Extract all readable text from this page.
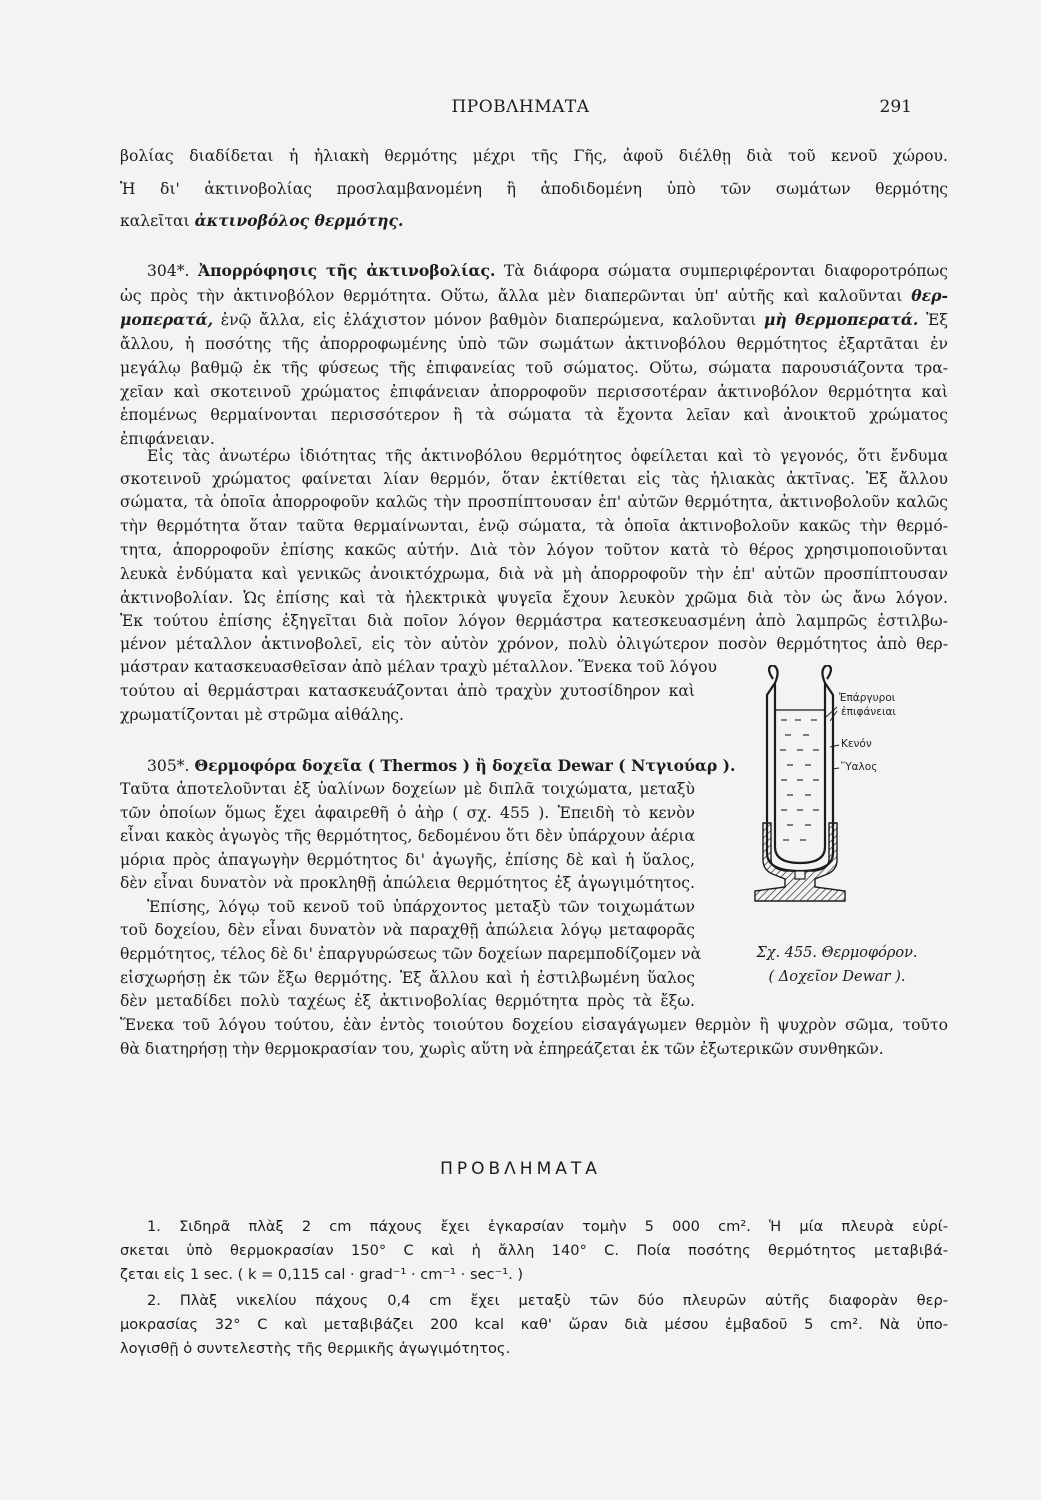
ΠΡΟΒΛΗΜΑΤΑ	291
βολίας διαδίδεται ἡ ἡλιακὴ θερμότης μέχρι τῆς Γῆς, ἀφοῦ διέλθῃ διὰ τοῦ κενοῦ χώρου.
Ἡ δι' ἀκτινοβολίας προσλαμβανομένη ἢ ἀποδιδομένη ὑπὸ τῶν σωμάτων θερμότης
καλεῖται ἀκτινοβόλος θερμότης.
304*. Ἀπορρόφησις τῆς ἀκτινοβολίας. Τὰ διάφορα σώματα συμπεριφέρονται διαφοροτρόπως
ὡς πρὸς τὴν ἀκτινοβόλον θερμότητα. Οὕτω, ἄλλα μὲν διαπερῶνται ὑπ' αὐτῆς καὶ καλοῦνται θερ-
μοπερατά, ἐνῷ ἄλλα, εἰς ἐλάχιστον μόνον βαθμὸν διαπερώμενα, καλοῦνται μὴ θερμοπερατά. Ἐξ
ἄλλου, ἡ ποσότης τῆς ἀπορροφωμένης ὑπὸ τῶν σωμάτων ἀκτινοβόλου θερμότητος ἐξαρτᾶται ἐν
μεγάλῳ βαθμῷ ἐκ τῆς φύσεως τῆς ἐπιφανείας τοῦ σώματος. Οὕτω, σώματα παρουσιάζοντα τρα-
χεῖαν καὶ σκοτεινοῦ χρώματος ἐπιφάνειαν ἀπορροφοῦν περισσοτέραν ἀκτινοβόλον θερμότητα καὶ
ἑπομένως θερμαίνονται περισσότερον ἢ τὰ σώματα τὰ ἔχοντα λεῖαν καὶ ἀνοικτοῦ χρώματος
ἐπιφάνειαν.
Εἰς τὰς ἀνωτέρω ἰδιότητας τῆς ἀκτινοβόλου θερμότητος ὀφείλεται καὶ τὸ γεγονός, ὅτι ἔνδυμα
σκοτεινοῦ χρώματος φαίνεται λίαν θερμόν, ὅταν ἐκτίθεται εἰς τὰς ἡλιακὰς ἀκτῖνας. Ἐξ ἄλλου
σώματα, τὰ ὁποῖα ἀπορροφοῦν καλῶς τὴν προσπίπτουσαν ἐπ' αὐτῶν θερμότητα, ἀκτινοβολοῦν καλῶς
τὴν θερμότητα ὅταν ταῦτα θερμαίνωνται, ἐνῷ σώματα, τὰ ὁποῖα ἀκτινοβολοῦν κακῶς τὴν θερμό-
τητα, ἀπορροφοῦν ἐπίσης κακῶς αὐτήν. Διὰ τὸν λόγον τοῦτον κατὰ τὸ θέρος χρησιμοποιοῦνται
λευκὰ ἐνδύματα καὶ γενικῶς ἀνοικτόχρωμα, διὰ νὰ μὴ ἀπορροφοῦν τὴν ἐπ' αὐτῶν προσπίπτουσαν
ἀκτινοβολίαν. Ὡς ἐπίσης καὶ τὰ ἠλεκτρικὰ ψυγεῖα ἔχουν λευκὸν χρῶμα διὰ τὸν ὡς ἄνω λόγον.
Ἐκ τούτου ἐπίσης ἐξηγεῖται διὰ ποῖον λόγον θερμάστρα κατεσκευασμένη ἀπὸ λαμπρῶς ἐστιλβω-
μένον μέταλλον ἀκτινοβολεῖ, εἰς τὸν αὐτὸν χρόνον, πολὺ ὀλιγώτερον ποσὸν θερμότητος ἀπὸ θερ-
μάστραν κατασκευασθεῖσαν ἀπὸ μέλαν τραχὺ μέταλλον. Ἕνεκα τοῦ λόγου
τούτου αἱ θερμάστραι κατασκευάζονται ἀπὸ τραχὺν χυτοσίδηρον καὶ
χρωματίζονται μὲ στρῶμα αἰθάλης.
305*. Θερμοφόρα δοχεῖα ( Thermos ) ἢ δοχεῖα Dewar ( Ντγιούαρ ).
Ταῦτα ἀποτελοῦνται ἐξ ὑαλίνων δοχείων μὲ διπλᾶ τοιχώματα, μεταξὺ
τῶν ὁποίων ὅμως ἔχει ἀφαιρεθῆ ὁ ἀὴρ ( σχ. 455 ). Ἐπειδὴ τὸ κενὸν
εἶναι κακὸς ἀγωγὸς τῆς θερμότητος, δεδομένου ὅτι δὲν ὑπάρχουν ἀέρια
μόρια πρὸς ἀπαγωγὴν θερμότητος δι' ἀγωγῆς, ἐπίσης δὲ καὶ ἡ ὕαλος,
δὲν εἶναι δυνατὸν νὰ προκληθῇ ἀπώλεια θερμότητος ἐξ ἀγωγιμότητος.
Ἐπίσης, λόγῳ τοῦ κενοῦ τοῦ ὑπάρχοντος μεταξὺ τῶν τοιχωμάτων
τοῦ δοχείου, δὲν εἶναι δυνατὸν νὰ παραχθῇ ἀπώλεια λόγῳ μεταφορᾶς
θερμότητος, τέλος δὲ δι' ἐπαργυρώσεως τῶν δοχείων παρεμποδίζομεν νὰ
εἰσχωρήσῃ ἐκ τῶν ἔξω θερμότης. Ἐξ ἄλλου καὶ ἡ ἐστιλβωμένη ὕαλος
δὲν μεταδίδει πολὺ ταχέως ἐξ ἀκτινοβολίας θερμότητα πρὸς τὰ ἔξω.
Ἕνεκα τοῦ λόγου τούτου, ἐὰν ἐντὸς τοιούτου δοχείου εἰσαγάγωμεν θερμὸν ἢ ψυχρὸν σῶμα, τοῦτο
θὰ διατηρήσῃ τὴν θερμοκρασίαν του, χωρὶς αὕτη νὰ ἐπηρεάζεται ἐκ τῶν ἐξωτερικῶν συνθηκῶν.
Ἐπάργυροι
ἐπιφάνειαι
Κενόν
Ὕαλος
Σχ. 455. Θερμοφόρον.
( Δοχεῖον Dewar ).
ΠΡΟΒΛΗΜΑΤΑ
1. Σιδηρᾶ πλὰξ 2 cm πάχους ἔχει ἐγκαρσίαν τομὴν 5 000 cm². Ἡ μία πλευρὰ εὑρί-
σκεται ὑπὸ θερμοκρασίαν 150° C καὶ ἡ ἄλλη 140° C. Ποία ποσότης θερμότητος μεταβιβά-
ζεται εἰς 1 sec. ( k = 0,115 cal · grad⁻¹ · cm⁻¹ · sec⁻¹. )
2. Πλὰξ νικελίου πάχους 0,4 cm ἔχει μεταξὺ τῶν δύο πλευρῶν αὐτῆς διαφορὰν θερ-
μοκρασίας 32° C καὶ μεταβιβάζει 200 kcal καθ' ὥραν διὰ μέσου ἐμβαδοῦ 5 cm². Νὰ ὑπο-
λογισθῇ ὁ συντελεστὴς τῆς θερμικῆς ἀγωγιμότητος.
